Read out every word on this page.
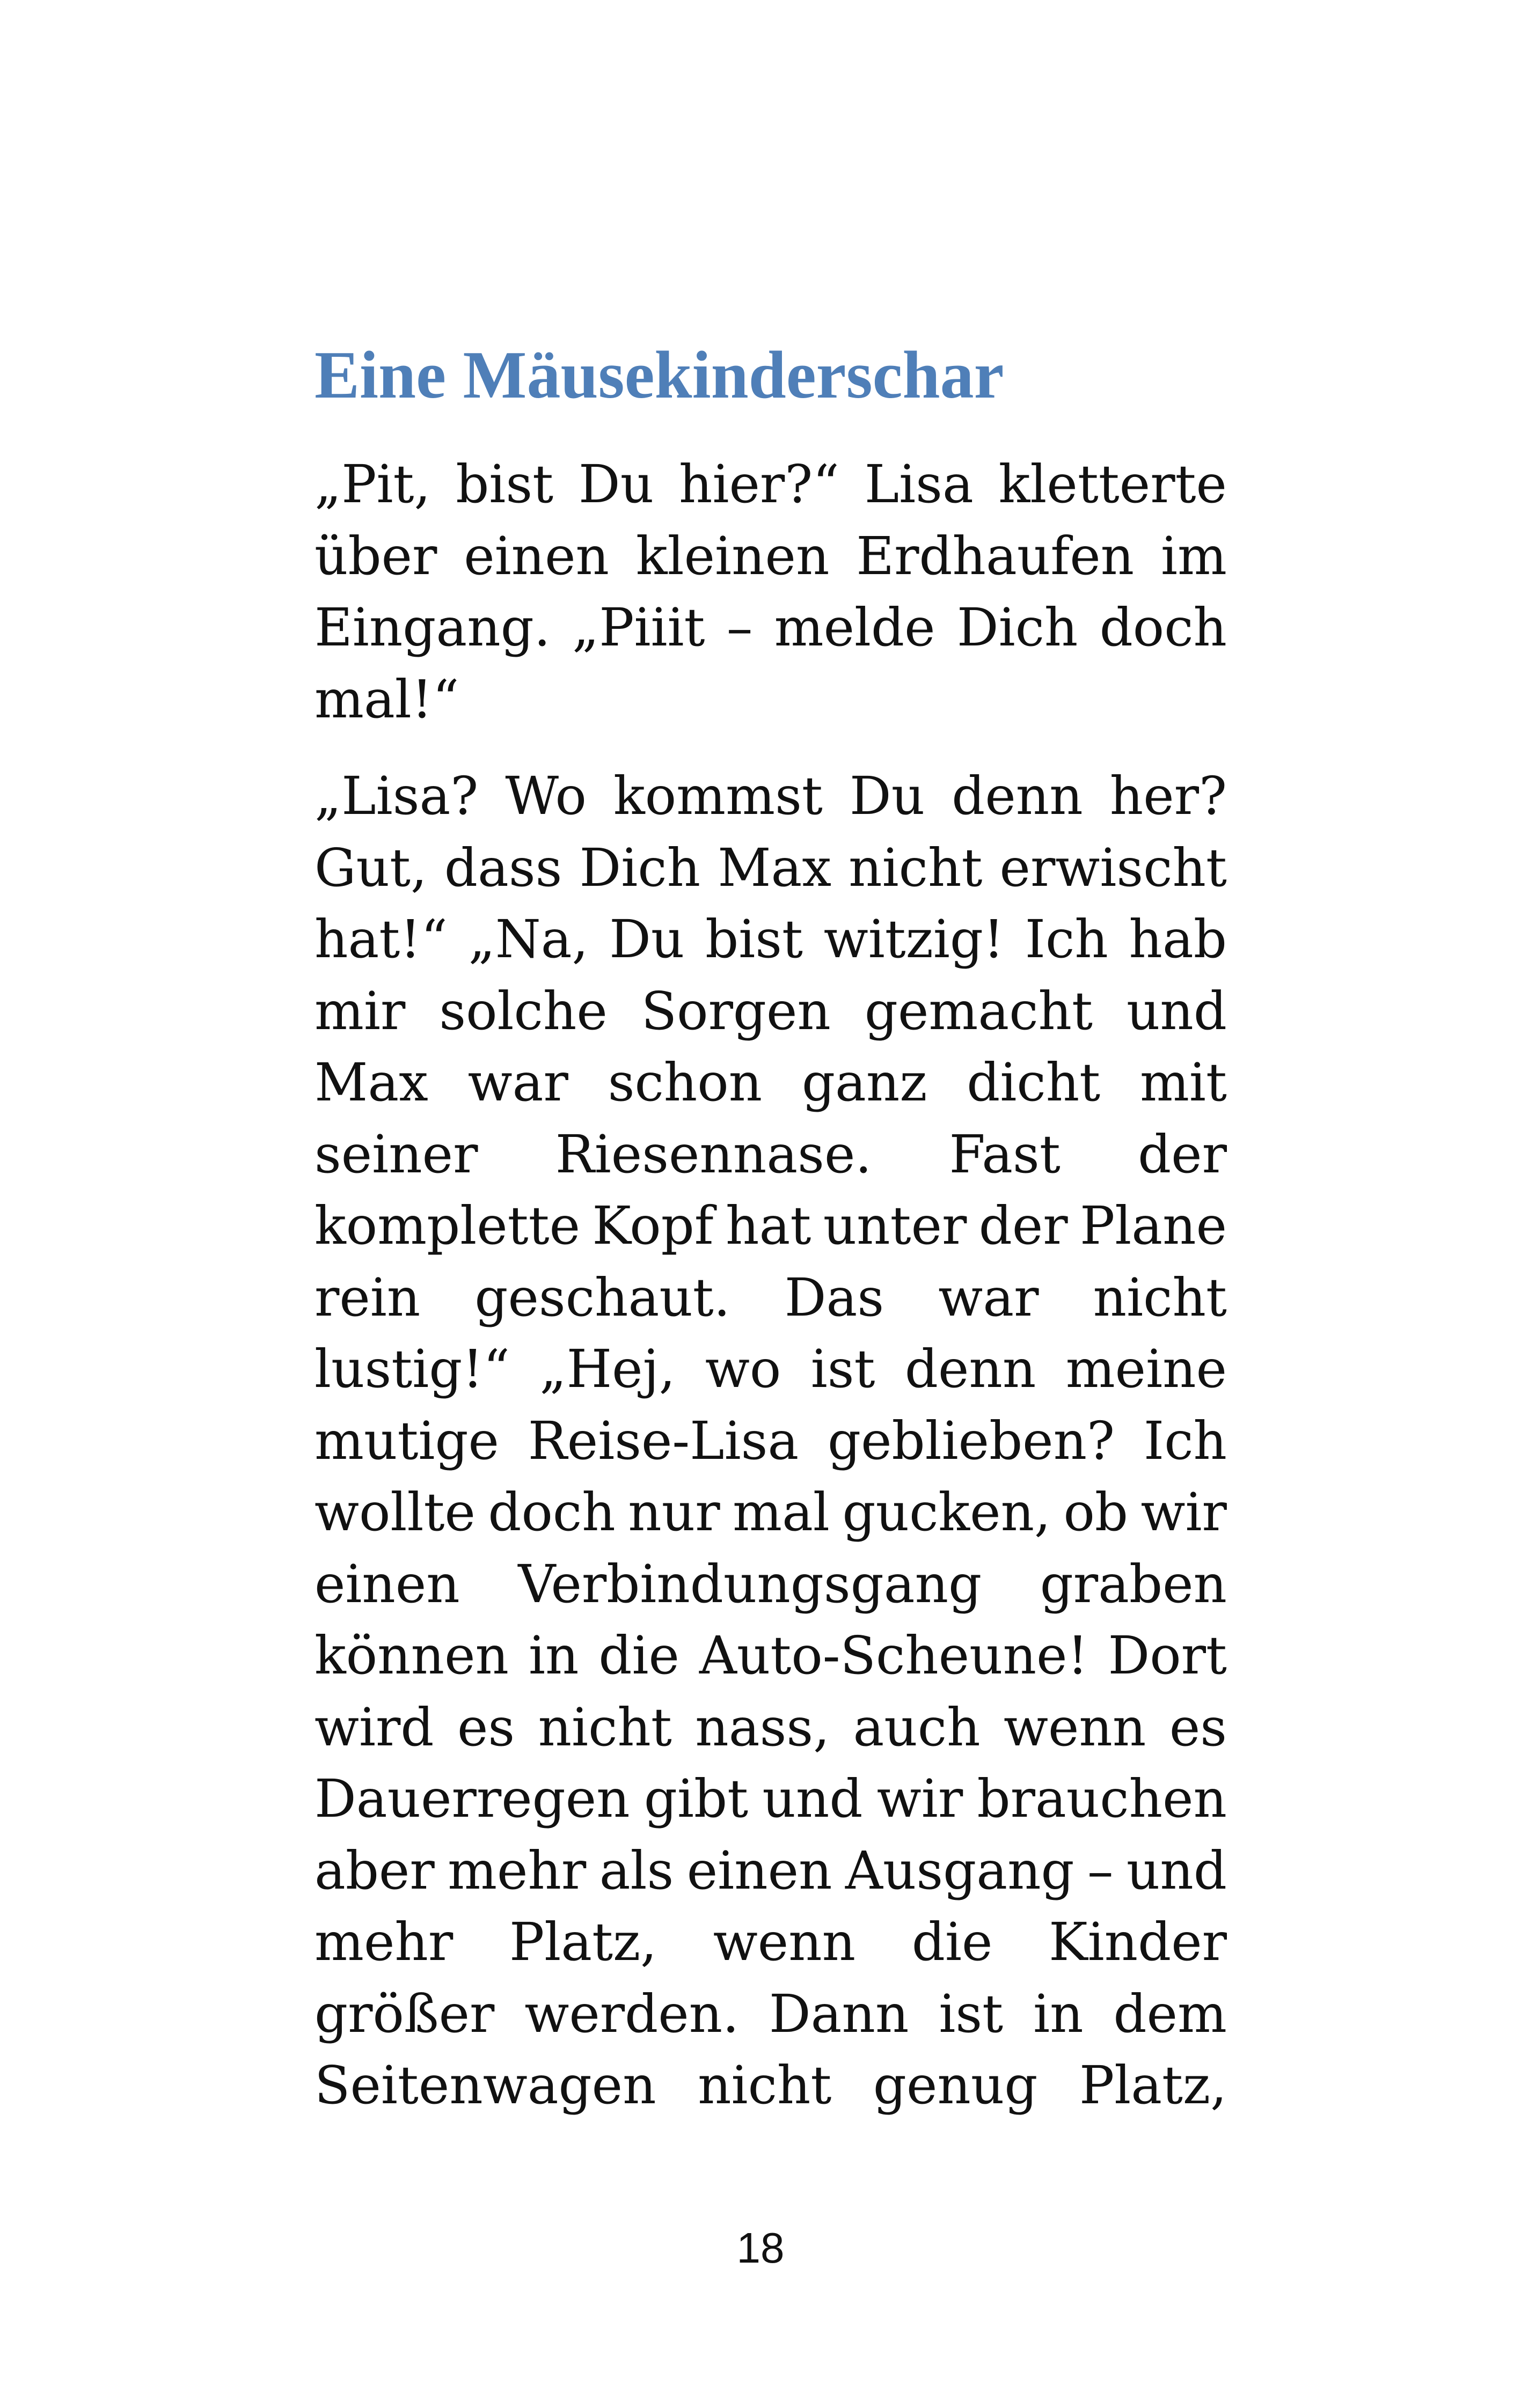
Eine Mäusekinderschar
„Pit, bist Du hier?“ Lisa kletterte
über einen kleinen Erdhaufen im
Eingang. „Piiit – melde Dich doch
mal!“
„Lisa? Wo kommst Du denn her?
Gut, dass Dich Max nicht erwischt
hat!“ „Na, Du bist witzig! Ich hab
mir solche Sorgen gemacht und
Max war schon ganz dicht mit
seiner Riesennase. Fast der
komplette Kopf hat unter der Plane
rein geschaut. Das war nicht
lustig!“ „Hej, wo ist denn meine
mutige Reise-Lisa geblieben? Ich
wollte doch nur mal gucken, ob wir
einen Verbindungsgang graben
können in die Auto-Scheune! Dort
wird es nicht nass, auch wenn es
Dauerregen gibt und wir brauchen
aber mehr als einen Ausgang – und
mehr Platz, wenn die Kinder
größer werden. Dann ist in dem
Seitenwagen nicht genug Platz,
18
